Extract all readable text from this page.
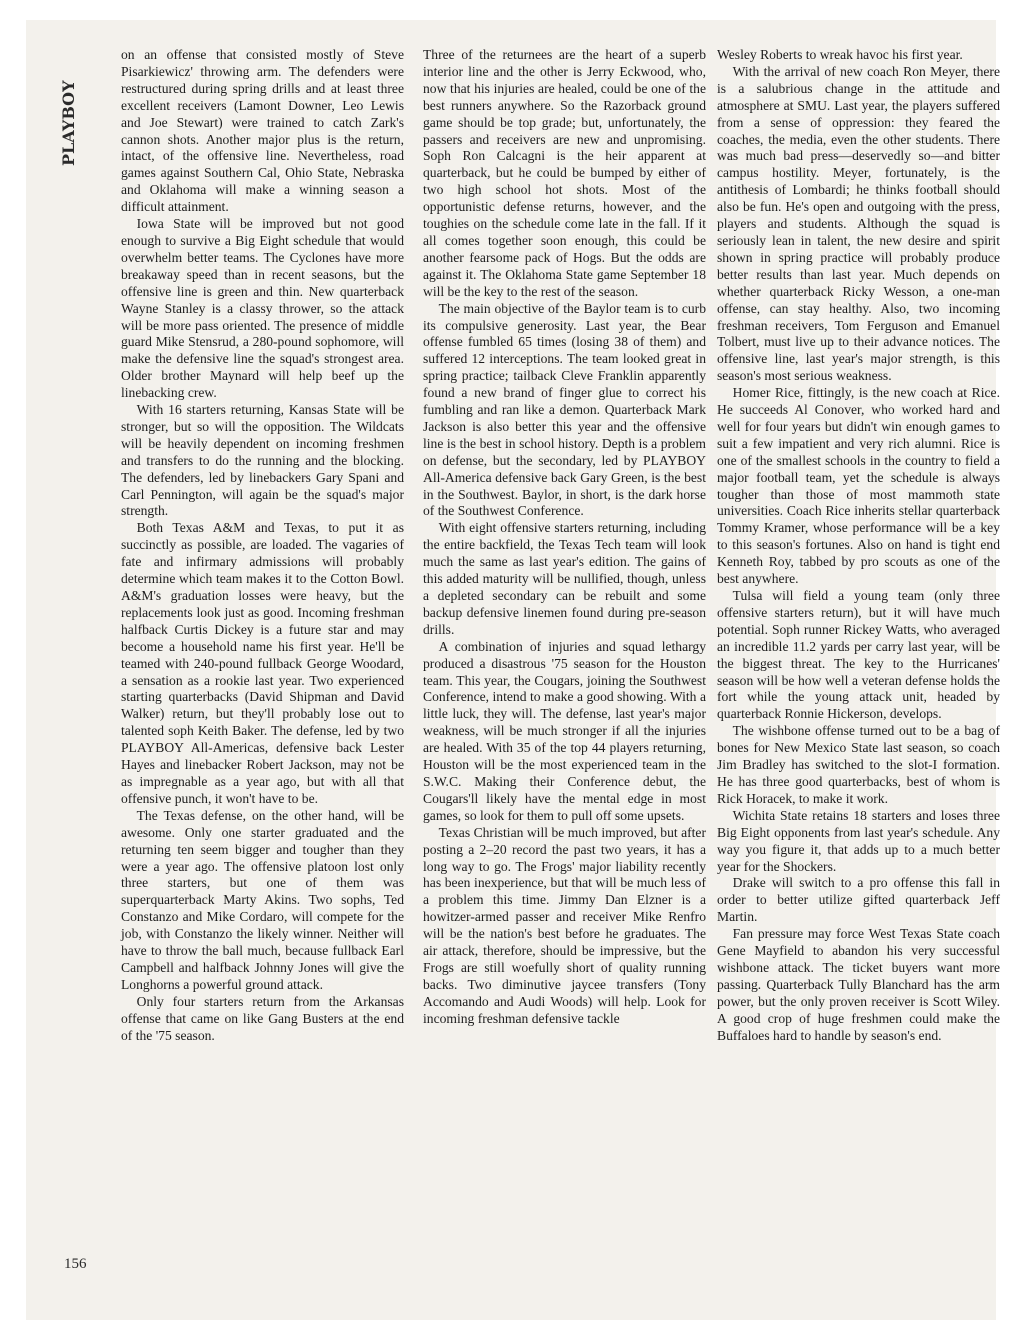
PLAYBOY

on an offense that consisted mostly of Steve Pisarkiewicz' throwing arm. The defenders were restructured during spring drills and at least three excellent receivers (Lamont Downer, Leo Lewis and Joe Stewart) were trained to catch Zark's cannon shots. Another major plus is the return, intact, of the offensive line. Nevertheless, road games against Southern Cal, Ohio State, Nebraska and Oklahoma will make a winning season a difficult attainment.

Iowa State will be improved but not good enough to survive a Big Eight schedule that would overwhelm better teams. The Cyclones have more breakaway speed than in recent seasons, but the offensive line is green and thin. New quarterback Wayne Stanley is a classy thrower, so the attack will be more pass oriented. The presence of middle guard Mike Stensrud, a 280-pound sophomore, will make the defensive line the squad's strongest area. Older brother Maynard will help beef up the linebacking crew.

With 16 starters returning, Kansas State will be stronger, but so will the opposition. The Wildcats will be heavily dependent on incoming freshmen and transfers to do the running and the blocking. The defenders, led by linebackers Gary Spani and Carl Pennington, will again be the squad's major strength.

Both Texas A&M and Texas, to put it as succinctly as possible, are loaded. The vagaries of fate and infirmary admissions will probably determine which team makes it to the Cotton Bowl. A&M's graduation losses were heavy, but the replacements look just as good. Incoming freshman halfback Curtis Dickey is a future star and may become a household name his first year. He'll be teamed with 240-pound fullback George Woodard, a sensation as a rookie last year. Two experienced starting quarterbacks (David Shipman and David Walker) return, but they'll probably lose out to talented soph Keith Baker. The defense, led by two PLAYBOY All-Americas, defensive back Lester Hayes and linebacker Robert Jackson, may not be as impregnable as a year ago, but with all that offensive punch, it won't have to be.

The Texas defense, on the other hand, will be awesome. Only one starter graduated and the returning ten seem bigger and tougher than they were a year ago. The offensive platoon lost only three starters, but one of them was superquarterback Marty Akins. Two sophs, Ted Constanzo and Mike Cordaro, will compete for the job, with Constanzo the likely winner. Neither will have to throw the ball much, because fullback Earl Campbell and halfback Johnny Jones will give the Longhorns a powerful ground attack.

Only four starters return from the Arkansas offense that came on like Gang Busters at the end of the '75 season.

Three of the returnees are the heart of a superb interior line and the other is Jerry Eckwood, who, now that his injuries are healed, could be one of the best runners anywhere. So the Razorback ground game should be top grade; but, unfortunately, the passers and receivers are new and unpromising. Soph Ron Calcagni is the heir apparent at quarterback, but he could be bumped by either of two high school hot shots. Most of the opportunistic defense returns, however, and the toughies on the schedule come late in the fall. If it all comes together soon enough, this could be another fearsome pack of Hogs. But the odds are against it. The Oklahoma State game September 18 will be the key to the rest of the season.

The main objective of the Baylor team is to curb its compulsive generosity. Last year, the Bear offense fumbled 65 times (losing 38 of them) and suffered 12 interceptions. The team looked great in spring practice; tailback Cleve Franklin apparently found a new brand of finger glue to correct his fumbling and ran like a demon. Quarterback Mark Jackson is also better this year and the offensive line is the best in school history. Depth is a problem on defense, but the secondary, led by PLAYBOY All-America defensive back Gary Green, is the best in the Southwest. Baylor, in short, is the dark horse of the Southwest Conference.

With eight offensive starters returning, including the entire backfield, the Texas Tech team will look much the same as last year's edition. The gains of this added maturity will be nullified, though, unless a depleted secondary can be rebuilt and some backup defensive linemen found during pre-season drills.

A combination of injuries and squad lethargy produced a disastrous '75 season for the Houston team. This year, the Cougars, joining the Southwest Conference, intend to make a good showing. With a little luck, they will. The defense, last year's major weakness, will be much stronger if all the injuries are healed. With 35 of the top 44 players returning, Houston will be the most experienced team in the S.W.C. Making their Conference debut, the Cougars'll likely have the mental edge in most games, so look for them to pull off some upsets.

Texas Christian will be much improved, but after posting a 2–20 record the past two years, it has a long way to go. The Frogs' major liability recently has been inexperience, but that will be much less of a problem this time. Jimmy Dan Elzner is a howitzer-armed passer and receiver Mike Renfro will be the nation's best before he graduates. The air attack, therefore, should be impressive, but the Frogs are still woefully short of quality running backs. Two diminutive jaycee transfers (Tony Accomando and Audi Woods) will help. Look for incoming freshman defensive tackle

Wesley Roberts to wreak havoc his first year.

With the arrival of new coach Ron Meyer, there is a salubrious change in the attitude and atmosphere at SMU. Last year, the players suffered from a sense of oppression: they feared the coaches, the media, even the other students. There was much bad press—deservedly so—and bitter campus hostility. Meyer, fortunately, is the antithesis of Lombardi; he thinks football should also be fun. He's open and outgoing with the press, players and students. Although the squad is seriously lean in talent, the new desire and spirit shown in spring practice will probably produce better results than last year. Much depends on whether quarterback Ricky Wesson, a one-man offense, can stay healthy. Also, two incoming freshman receivers, Tom Ferguson and Emanuel Tolbert, must live up to their advance notices. The offensive line, last year's major strength, is this season's most serious weakness.

Homer Rice, fittingly, is the new coach at Rice. He succeeds Al Conover, who worked hard and well for four years but didn't win enough games to suit a few impatient and very rich alumni. Rice is one of the smallest schools in the country to field a major football team, yet the schedule is always tougher than those of most mammoth state universities. Coach Rice inherits stellar quarterback Tommy Kramer, whose performance will be a key to this season's fortunes. Also on hand is tight end Kenneth Roy, tabbed by pro scouts as one of the best anywhere.

Tulsa will field a young team (only three offensive starters return), but it will have much potential. Soph runner Rickey Watts, who averaged an incredible 11.2 yards per carry last year, will be the biggest threat. The key to the Hurricanes' season will be how well a veteran defense holds the fort while the young attack unit, headed by quarterback Ronnie Hickerson, develops.

The wishbone offense turned out to be a bag of bones for New Mexico State last season, so coach Jim Bradley has switched to the slot-I formation. He has three good quarterbacks, best of whom is Rick Horacek, to make it work.

Wichita State retains 18 starters and loses three Big Eight opponents from last year's schedule. Any way you figure it, that adds up to a much better year for the Shockers.

Drake will switch to a pro offense this fall in order to better utilize gifted quarterback Jeff Martin.

Fan pressure may force West Texas State coach Gene Mayfield to abandon his very successful wishbone attack. The ticket buyers want more passing. Quarterback Tully Blanchard has the arm power, but the only proven receiver is Scott Wiley. A good crop of huge freshmen could make the Buffaloes hard to handle by season's end.

156
